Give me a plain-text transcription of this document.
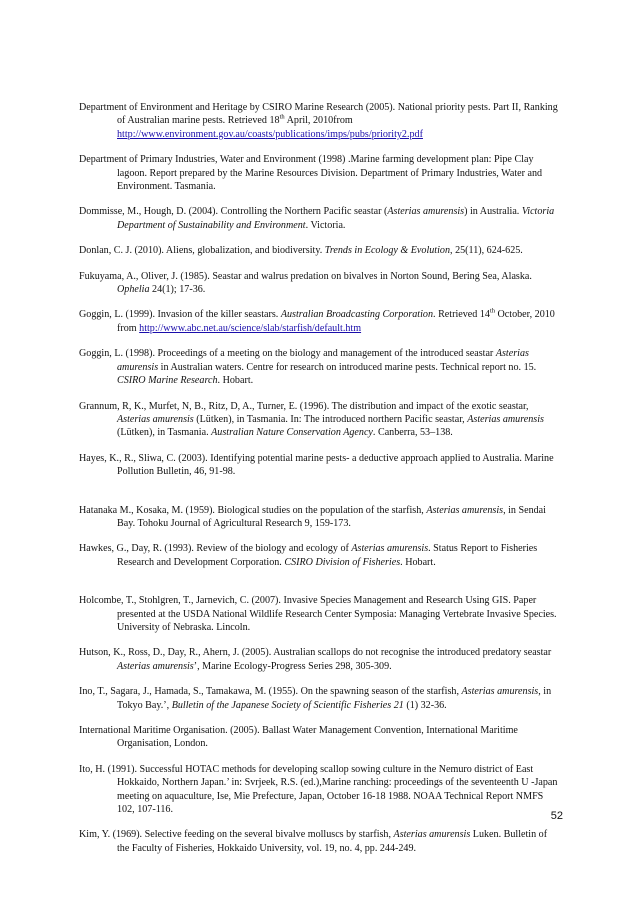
Department of Environment and Heritage by CSIRO Marine Research (2005). National priority pests. Part II, Ranking of Australian marine pests. Retrieved 18th April, 2010from http://www.environment.gov.au/coasts/publications/imps/pubs/priority2.pdf

Department of Primary Industries, Water and Environment (1998) .Marine farming development plan: Pipe Clay lagoon. Report prepared by the Marine Resources Division. Department of Primary Industries, Water and Environment. Tasmania.

Dommisse, M., Hough, D. (2004). Controlling the Northern Pacific seastar (Asterias amurensis) in Australia. Victoria Department of Sustainability and Environment. Victoria.

Donlan, C. J. (2010). Aliens, globalization, and biodiversity. Trends in Ecology & Evolution, 25(11), 624-625.

Fukuyama, A., Oliver, J. (1985). Seastar and walrus predation on bivalves in Norton Sound, Bering Sea, Alaska. Ophelia 24(1); 17-36.

Goggin, L. (1999). Invasion of the killer seastars. Australian Broadcasting Corporation. Retrieved 14th October, 2010 from http://www.abc.net.au/science/slab/starfish/default.htm

Goggin, L. (1998). Proceedings of a meeting on the biology and management of the introduced seastar Asterias amurensis in Australian waters. Centre for research on introduced marine pests. Technical report no. 15. CSIRO Marine Research. Hobart.

Grannum, R, K., Murfet, N, B., Ritz, D, A., Turner, E. (1996). The distribution and impact of the exotic seastar, Asterias amurensis (Lütken), in Tasmania. In: The introduced northern Pacific seastar, Asterias amurensis (Lütken), in Tasmania. Australian Nature Conservation Agency. Canberra, 53–138.

Hayes, K., R., Sliwa, C. (2003). Identifying potential marine pests- a deductive approach applied to Australia. Marine Pollution Bulletin, 46, 91-98.

Hatanaka M., Kosaka, M. (1959). Biological studies on the population of the starfish, Asterias amurensis, in Sendai Bay. Tohoku Journal of Agricultural Research 9, 159-173.

Hawkes, G., Day, R. (1993). Review of the biology and ecology of Asterias amurensis. Status Report to Fisheries Research and Development Corporation. CSIRO Division of Fisheries. Hobart.

Holcombe, T., Stohlgren, T., Jarnevich, C. (2007). Invasive Species Management and Research Using GIS. Paper presented at the USDA National Wildlife Research Center Symposia: Managing Vertebrate Invasive Species. University of Nebraska. Lincoln.

Hutson, K., Ross, D., Day, R., Ahern, J. (2005). Australian scallops do not recognise the introduced predatory seastar Asterias amurensis’, Marine Ecology-Progress Series 298, 305-309.

Ino, T., Sagara, J., Hamada, S., Tamakawa, M. (1955). On the spawning season of the starfish, Asterias amurensis, in Tokyo Bay.’, Bulletin of the Japanese Society of Scientific Fisheries 21 (1) 32-36.

International Maritime Organisation. (2005). Ballast Water Management Convention, International Maritime Organisation, London.

Ito, H. (1991). Successful HOTAC methods for developing scallop sowing culture in the Nemuro district of East Hokkaido, Northern Japan.’ in: Svrjeek, R.S. (ed.),Marine ranching: proceedings of the seventeenth U -Japan meeting on aquaculture, Ise, Mie Prefecture, Japan, October 16-18 1988. NOAA Technical Report NMFS 102, 107-116.

Kim, Y. (1969). Selective feeding on the several bivalve molluscs by starfish, Asterias amurensis Luken. Bulletin of the Faculty of Fisheries, Hokkaido University, vol. 19, no. 4, pp. 244-249.

52
